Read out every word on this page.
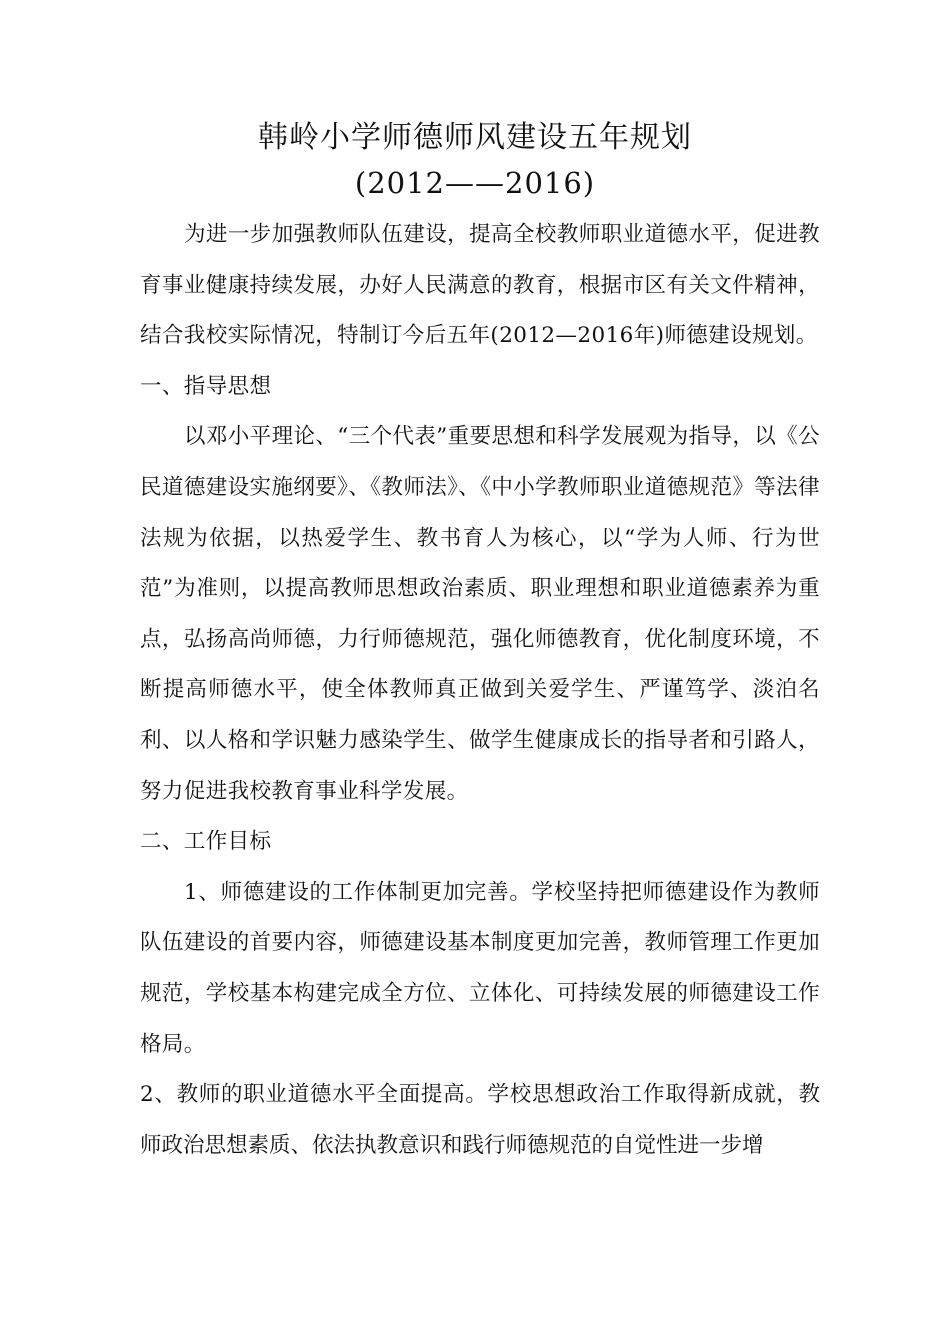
韩岭小学师德师风建设五年规划
(2012——2016)

为进一步加强教师队伍建设，提高全校教师职业道德水平，促进教育事业健康持续发展，办好人民满意的教育，根据市区有关文件精神，结合我校实际情况，特制订今后五年(2012—2016年)师德建设规划。

一、指导思想

以邓小平理论、“三个代表”重要思想和科学发展观为指导，以《公民道德建设实施纲要》、《教师法》、《中小学教师职业道德规范》等法律法规为依据，以热爱学生、教书育人为核心，以“学为人师、行为世范”为准则，以提高教师思想政治素质、职业理想和职业道德素养为重点，弘扬高尚师德，力行师德规范，强化师德教育，优化制度环境，不断提高师德水平，使全体教师真正做到关爱学生、严谨笃学、淡泊名利、以人格和学识魅力感染学生、做学生健康成长的指导者和引路人，努力促进我校教育事业科学发展。

二、工作目标

1、师德建设的工作体制更加完善。学校坚持把师德建设作为教师队伍建设的首要内容，师德建设基本制度更加完善，教师管理工作更加规范，学校基本构建完成全方位、立体化、可持续发展的师德建设工作格局。

2、教师的职业道德水平全面提高。学校思想政治工作取得新成就，教师政治思想素质、依法执教意识和践行师德规范的自觉性进一步增
